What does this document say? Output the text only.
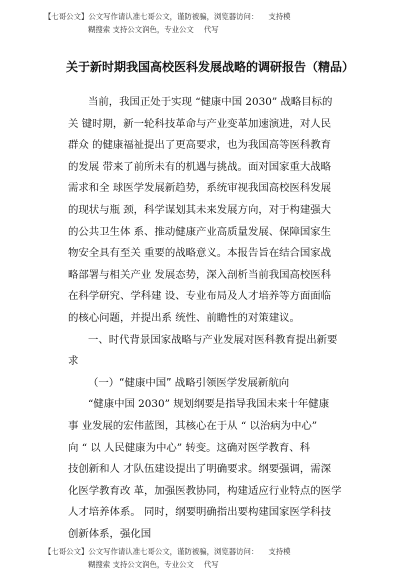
【七哥公文】公文写作请认准七哥公文，谨防被骗，浏览器访问： 支持模
糊搜索 支持公文润色，专业公文 代写
关于新时期我国高校医科发展战略的调研报告（精品）
当前，我国正处于实现 “健康中国 2030” 战略目标的
关 键时期，新一轮科技革命与产业变革加速演进，对人民
群众 的健康福祉提出了更高要求，也为我国高等医科教育
的发展 带来了前所未有的机遇与挑战。面对国家重大战略
需求和全 球医学发展新趋势，系统审视我国高校医科发展
的现状与瓶 颈，科学谋划其未来发展方向，对于构建强大
的公共卫生体 系、推动健康产业高质量发展、保障国家生
物安全具有至关 重要的战略意义。本报告旨在结合国家战
略部署与相关产业 发展态势，深入剖析当前我国高校医科
在科学研究、学科建 设、专业布局及人才培养等方面面临
的核心问题，并提出系 统性、前瞻性的对策建议。
一、时代背景国家战略与产业发展对医科教育提出新要
求
（一）“健康中国” 战略引领医学发展新航向
“健康中国 2030” 规划纲要是指导我国未来十年健康
事 业发展的宏伟蓝图，其核心在于从 “ 以治病为中心”
向 “ 以 人民健康为中心” 转变。这确对医学教育、科
技创新和人 才队伍建设提出了明确要求。纲要强调，需深
化医学教育改 革，加强医教协同，构建适应行业特点的医学
人才培养体系。 同时，纲要明确指出要构建国家医学科技
创新体系，强化国
【七哥公文】公文写作请认准七哥公文，谨防被骗，浏览器访问： 支持模
糊搜索 支持公文润色，专业公文 代写
